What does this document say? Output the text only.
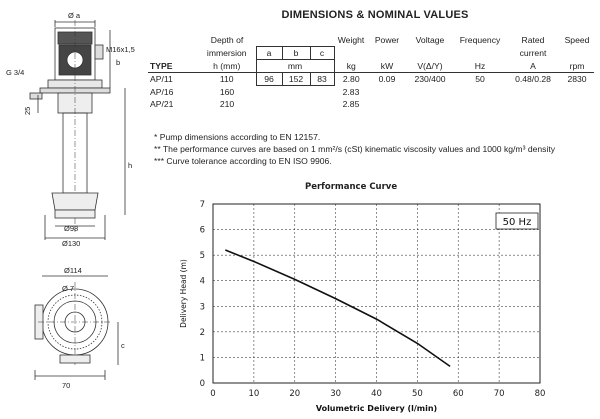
Ø a
M16x1,5
b
G 3/4
25
h
Ø98
Ø130
Ø114
Ø 7
c
70
DIMENSIONS & NOMINAL VALUES
	Depth of				Weight	Power	Voltage	Frequency	Rated	Speed
	immersion	a	b	c					current	
TYPE	h (mm)	mm			kg	kW	V(Δ/Y)	Hz	A	rpm
AP/11	110	96	152	83	2.80	0.09	230/400	50	0.48/0.28	2830
AP/16	160				2.83					
AP/21	210				2.85					
* Pump dimensions according to EN 12157.
** The performance curves are based on 1 mm²/s (cSt) kinematic viscosity values and 1000 kg/m³ density
*** Curve tolerance according to EN ISO 9906.
Performance Curve
0	10	20	30	40	50	60	70	80
0
1
2
3
4
5
6
7
50 Hz
Volumetric Delivery (l/min)
Delivery Head (m)
